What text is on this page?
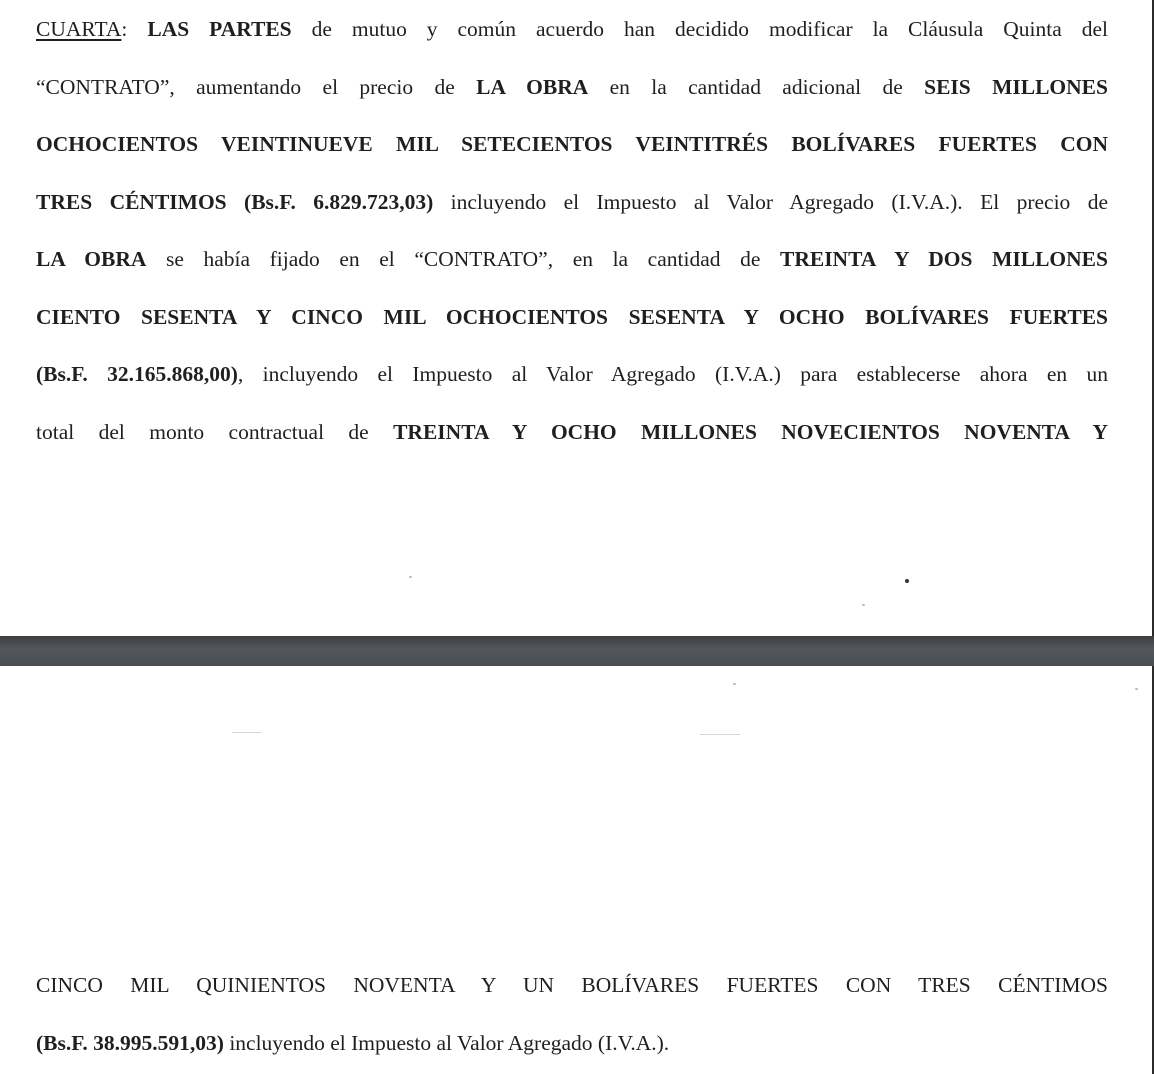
CUARTA: LAS PARTES de mutuo y común acuerdo han decidido modificar la Cláusula Quinta del
“CONTRATO”, aumentando el precio de LA OBRA en la cantidad adicional de SEIS MILLONES
OCHOCIENTOS VEINTINUEVE MIL SETECIENTOS VEINTITRÉS BOLÍVARES FUERTES CON
TRES CÉNTIMOS (Bs.F. 6.829.723,03) incluyendo el Impuesto al Valor Agregado (I.V.A.). El precio de
LA OBRA se había fijado en el “CONTRATO”, en la cantidad de TREINTA Y DOS MILLONES
CIENTO SESENTA Y CINCO MIL OCHOCIENTOS SESENTA Y OCHO BOLÍVARES FUERTES
(Bs.F. 32.165.868,00), incluyendo el Impuesto al Valor Agregado (I.V.A.) para establecerse ahora en un
total del monto contractual de TREINTA Y OCHO MILLONES NOVECIENTOS NOVENTA Y
CINCO MIL QUINIENTOS NOVENTA Y UN BOLÍVARES FUERTES CON TRES CÉNTIMOS
(Bs.F. 38.995.591,03) incluyendo el Impuesto al Valor Agregado (I.V.A.).
